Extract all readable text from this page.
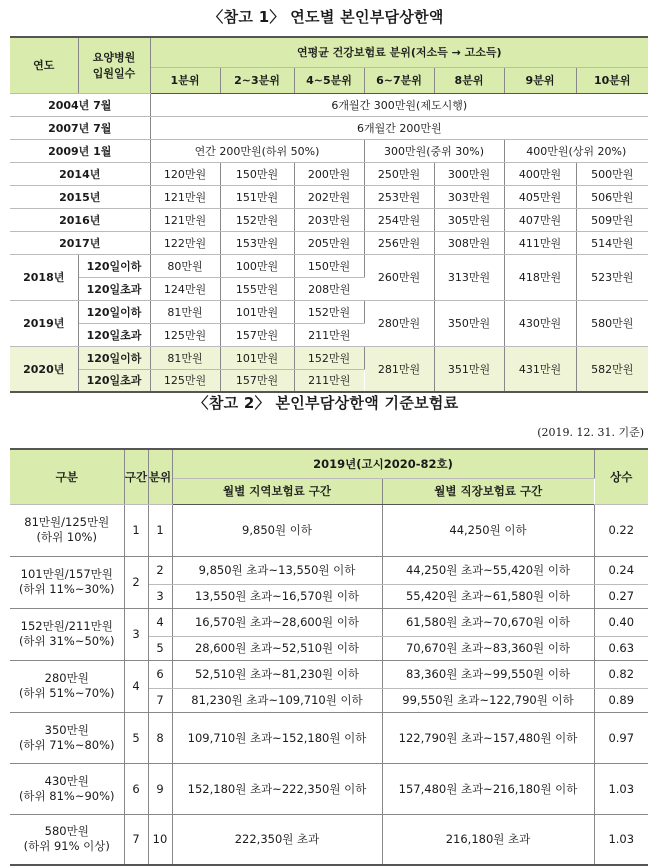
〈참고 1〉 연도별 본인부담상한액
연도	요양병원
입원일수	연평균 건강보험료 분위(저소득 → 고소득)						
		1분위	2~3분위	4~5분위	6~7분위	8분위	9분위	10분위
2004년 7월		6개월간 300만원(제도시행)						
2007년 7월		6개월간 200만원						
2009년 1월		연간 200만원(하위 50%)			300만원(중위 30%)		400만원(상위 20%)	
2014년		120만원	150만원	200만원	250만원	300만원	400만원	500만원
2015년		121만원	151만원	202만원	253만원	303만원	405만원	506만원
2016년		121만원	152만원	203만원	254만원	305만원	407만원	509만원
2017년		122만원	153만원	205만원	256만원	308만원	411만원	514만원
2018년	120일이하	80만원	100만원	150만원	260만원	313만원	418만원	523만원
	120일초과	124만원	155만원	208만원				
2019년	120일이하	81만원	101만원	152만원	280만원	350만원	430만원	580만원
	120일초과	125만원	157만원	211만원				
2020년	120일이하	81만원	101만원	152만원	281만원	351만원	431만원	582만원
	120일초과	125만원	157만원	211만원				
〈참고 2〉 본인부담상한액 기준보험료
(2019. 12. 31. 기준)
구분	구간	분위	2019년(고시2020-82호)		상수
			월별 지역보험료 구간	월별 직장보험료 구간	

81만원/125만원
(하위 10%)	1	1	9,850원 이하	44,250원 이하	0.22

101만원/157만원
(하위 11%~30%)	2	2	9,850원 초과~13,550원 이하	44,250원 초과~55,420원 이하	0.24
		3	13,550원 초과~16,570원 이하	55,420원 초과~61,580원 이하	0.27

152만원/211만원
(하위 31%~50%)	3	4	16,570원 초과~28,600원 이하	61,580원 초과~70,670원 이하	0.40
		5	28,600원 초과~52,510원 이하	70,670원 초과~83,360원 이하	0.63

280만원
(하위 51%~70%)	4	6	52,510원 초과~81,230원 이하	83,360원 초과~99,550원 이하	0.82
		7	81,230원 초과~109,710원 이하	99,550원 초과~122,790원 이하	0.89

350만원
(하위 71%~80%)	5	8	109,710원 초과~152,180원 이하	122,790원 초과~157,480원 이하	0.97

430만원
(하위 81%~90%)	6	9	152,180원 초과~222,350원 이하	157,480원 초과~216,180원 이하	1.03

580만원
(하위 91% 이상)	7	10	222,350원 초과	216,180원 초과	1.03
